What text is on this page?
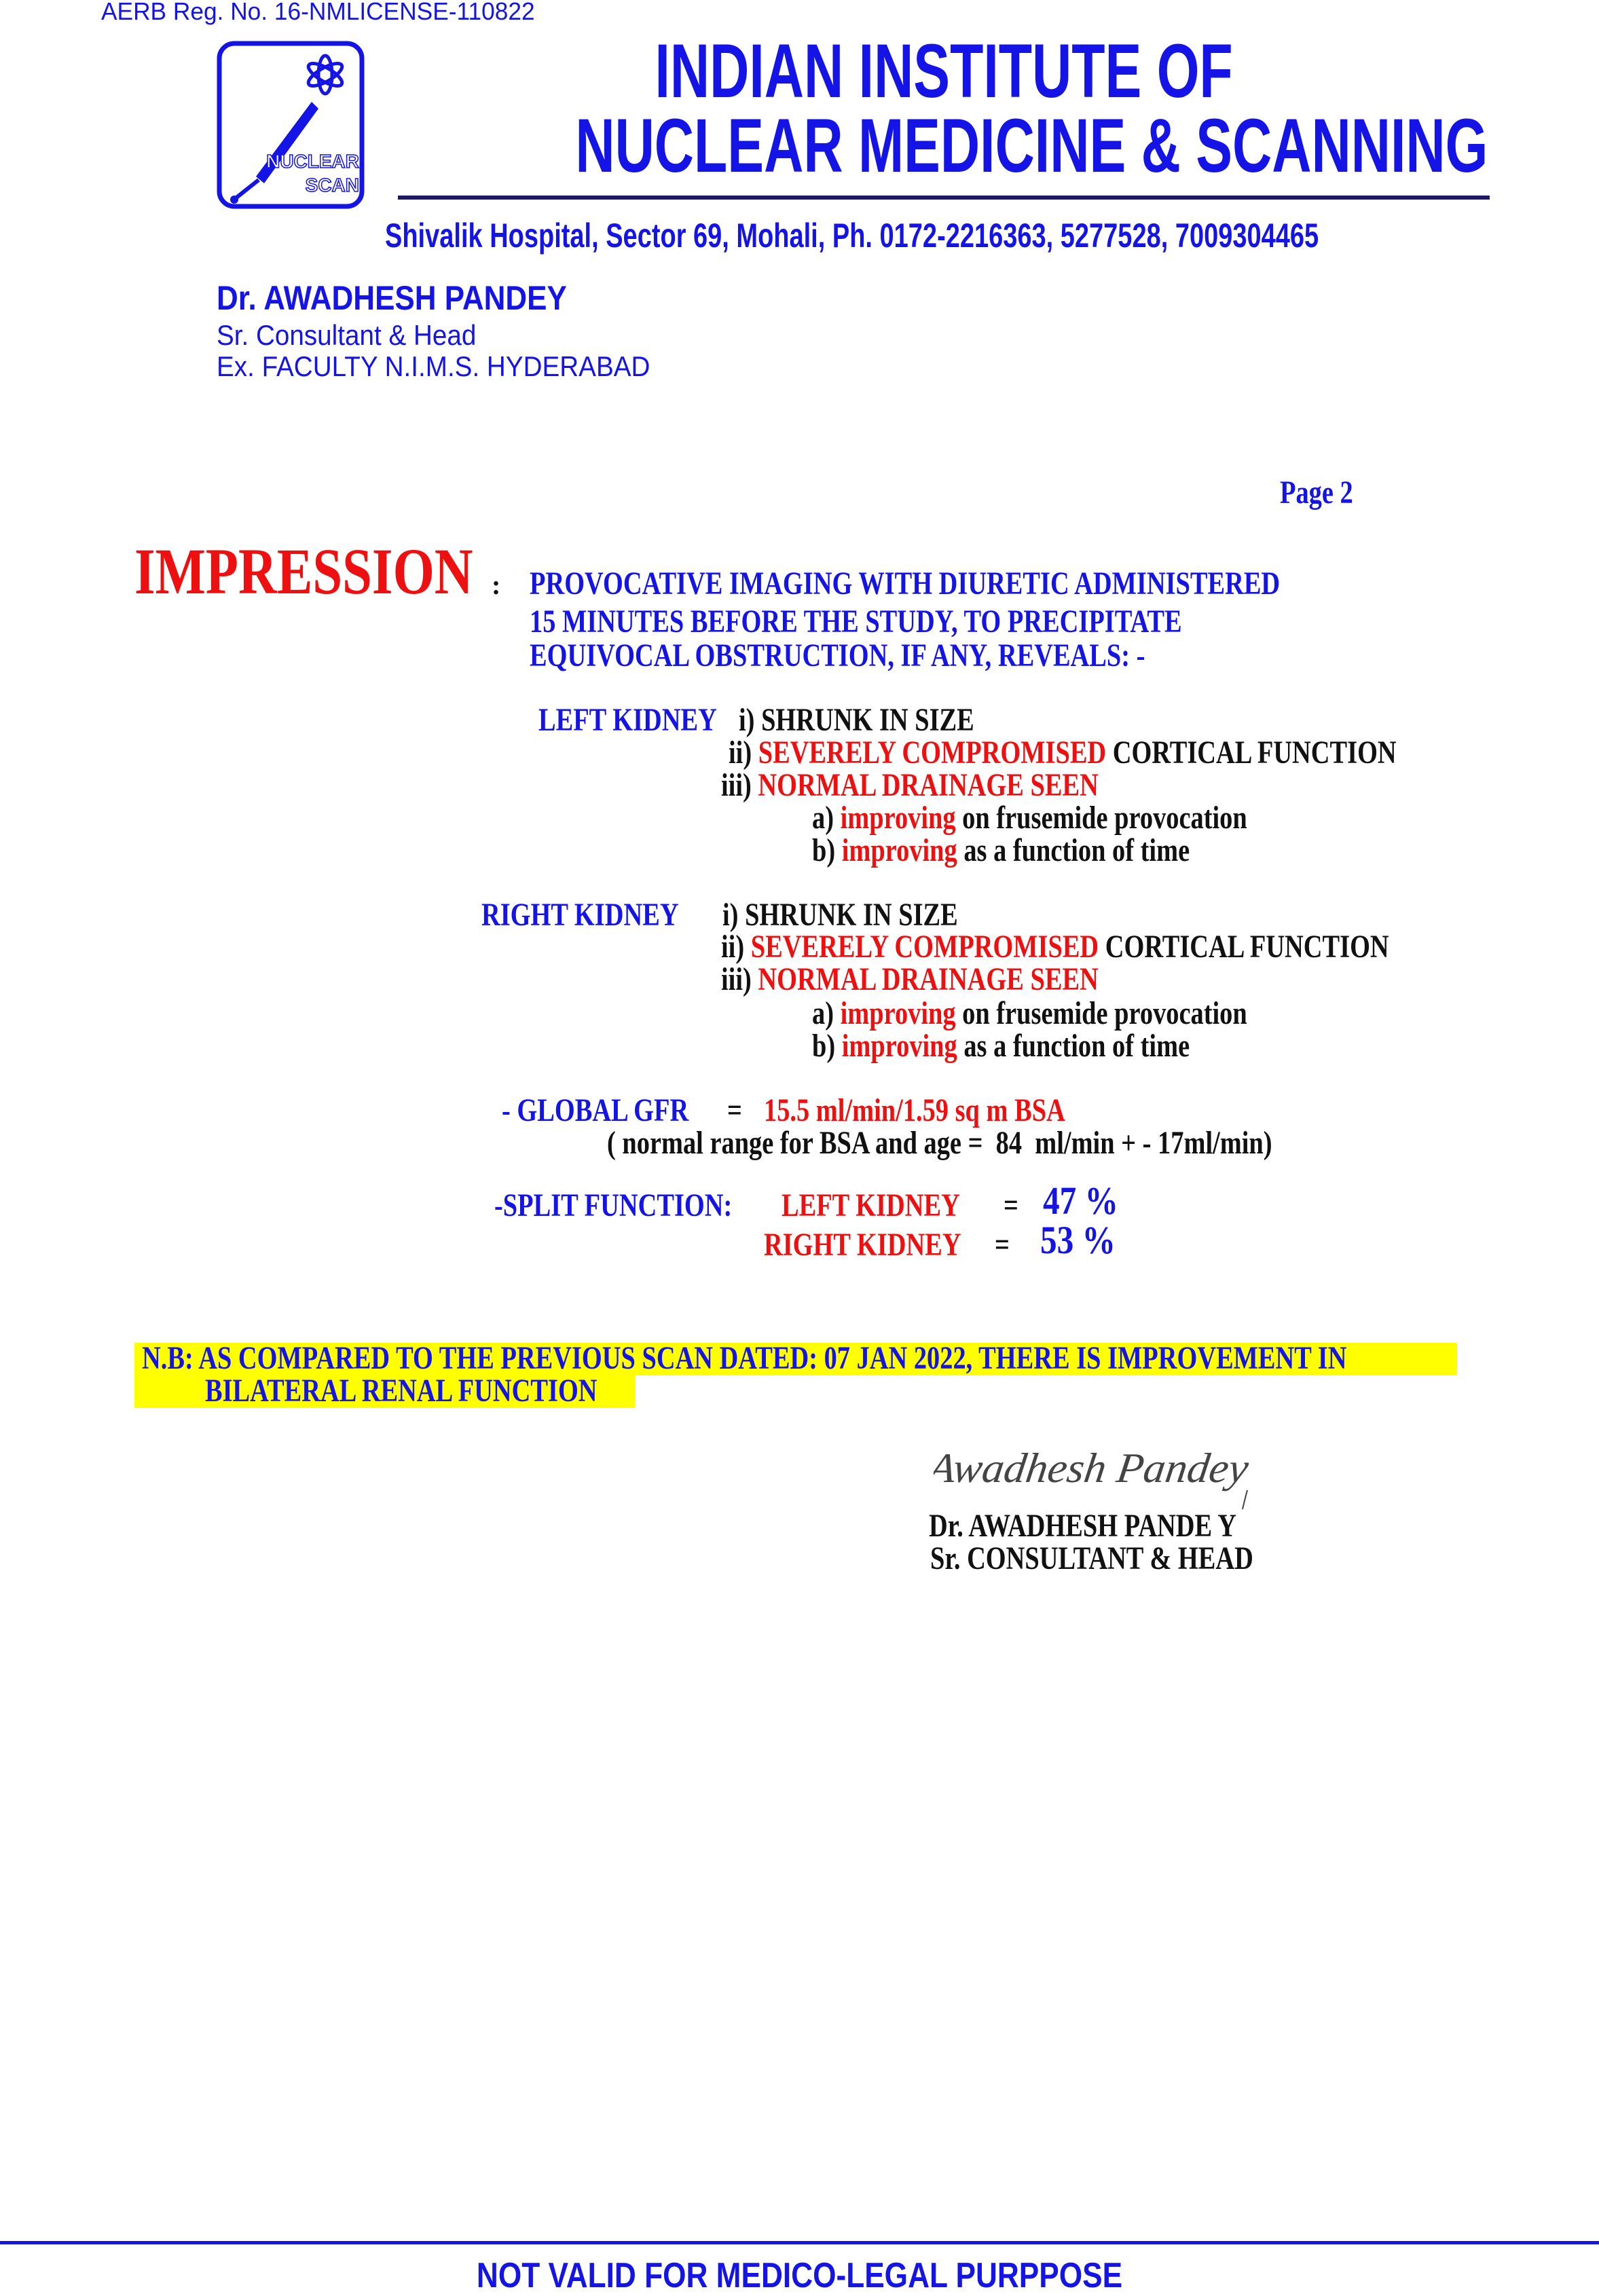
AERB Reg. No. 16-NMLICENSE-110822
NUCLEAR
SCAN
INDIAN INSTITUTE OF
NUCLEAR MEDICINE & SCANNING
Shivalik Hospital, Sector 69, Mohali, Ph. 0172-2216363, 5277528, 7009304465
Dr. AWADHESH PANDEY
Sr. Consultant & Head
Ex. FACULTY N.I.M.S. HYDERABAD
Page 2
IMPRESSION : PROVOCATIVE IMAGING WITH DIURETIC ADMINISTERED
15 MINUTES BEFORE THE STUDY, TO PRECIPITATE
EQUIVOCAL OBSTRUCTION, IF ANY, REVEALS: -
LEFT KIDNEY i) SHRUNK IN SIZE
ii) SEVERELY COMPROMISED CORTICAL FUNCTION
iii) NORMAL DRAINAGE SEEN
a) improving on frusemide provocation
b) improving as a function of time
RIGHT KIDNEY	i) SHRUNK IN SIZE
ii) SEVERELY COMPROMISED CORTICAL FUNCTION
iii) NORMAL DRAINAGE SEEN
a) improving on frusemide provocation
b) improving as a function of time
- GLOBAL GFR	= 15.5 ml/min/1.59 sq m BSA
( normal range for BSA and age =  84  ml/min + - 17ml/min)
-SPLIT FUNCTION:	LEFT KIDNEY	= 47 %
RIGHT KIDNEY	= 53 %
N.B: AS COMPARED TO THE PREVIOUS SCAN DATED: 07 JAN 2022, THERE IS IMPROVEMENT IN
BILATERAL RENAL FUNCTION
Awadhesh Pandey
Dr. AWADHESH PANDE Y
Sr. CONSULTANT & HEAD
NOT VALID FOR MEDICO-LEGAL PURPPOSE
